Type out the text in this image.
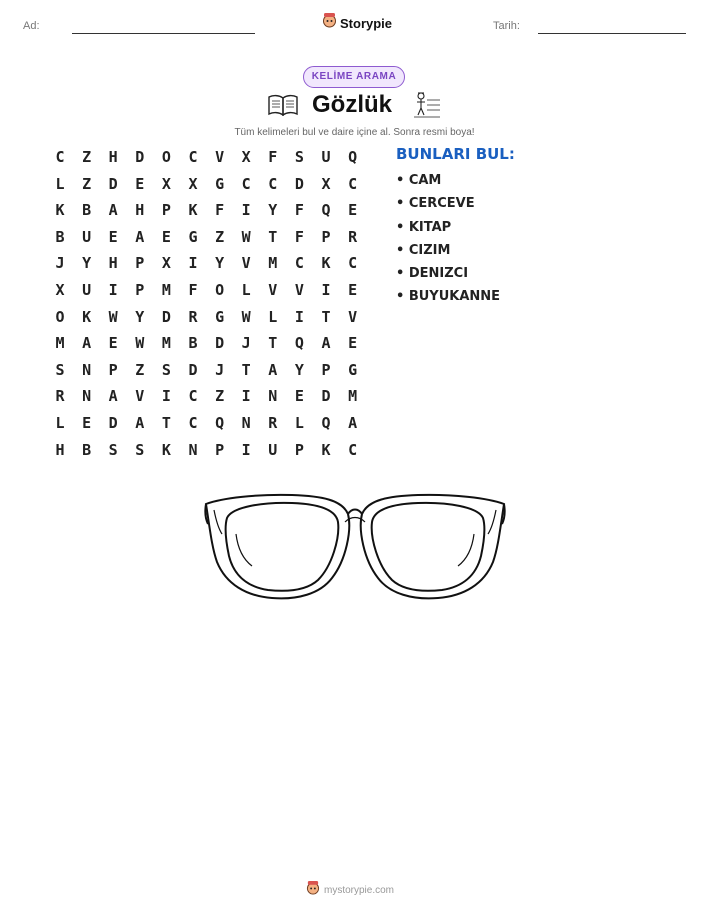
Ad:	Tarih:
Storypie
KELİME ARAMA
Gözlük
Tüm kelimeleri bul ve daire içine al. Sonra resmi boya!
C	Z	H	D	O	C	V	X	F	S	U	Q
L	Z	D	E	X	X	G	C	C	D	X	C
K	B	A	H	P	K	F	I	Y	F	Q	E
B	U	E	A	E	G	Z	W	T	F	P	R
J	Y	H	P	X	I	Y	V	M	C	K	C
X	U	I	P	M	F	O	L	V	V	I	E
O	K	W	Y	D	R	G	W	L	I	T	V
M	A	E	W	M	B	D	J	T	Q	A	E
S	N	P	Z	S	D	J	T	A	Y	P	G
R	N	A	V	I	C	Z	I	N	E	D	M
L	E	D	A	T	C	Q	N	R	L	Q	A
H	B	S	S	K	N	P	I	U	P	K	C
BUNLARI BUL:
• CAM
• CERCEVE
• KITAP
• CIZIM
• DENIZCI
• BUYUKANNE
mystorypie.com
